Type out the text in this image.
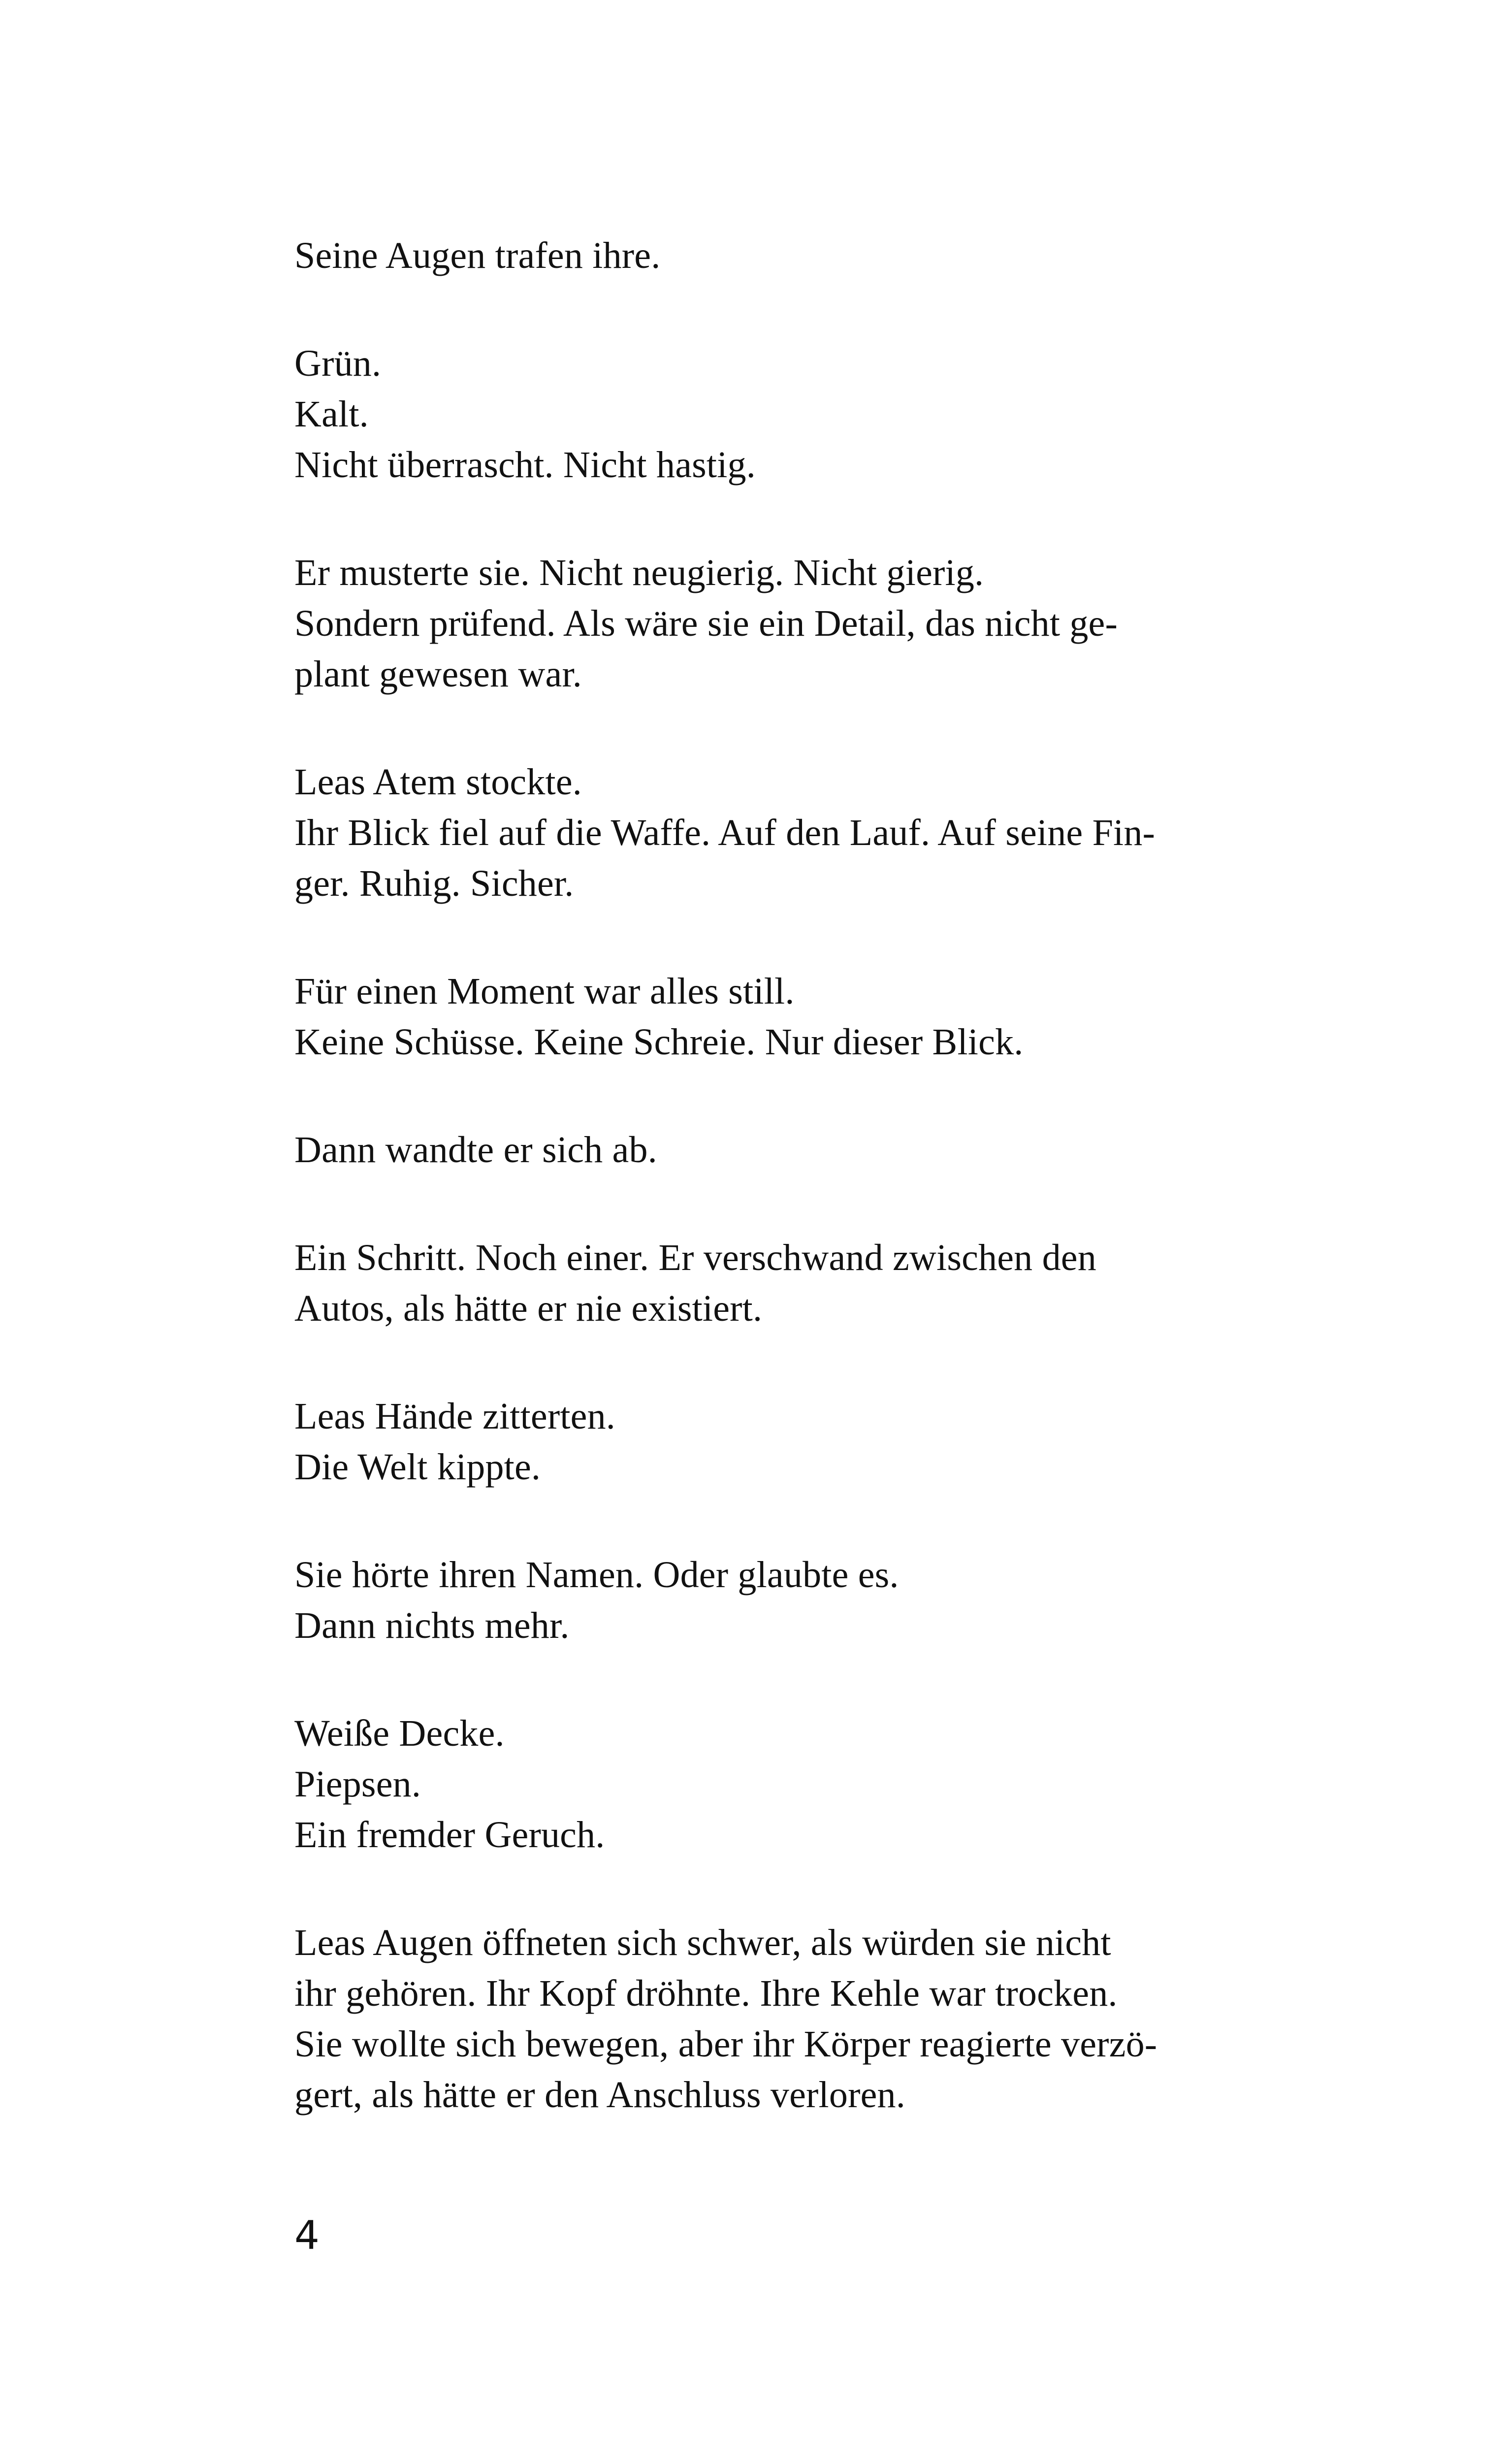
Seine Augen trafen ihre.
Grün.
Kalt.
Nicht überrascht. Nicht hastig.
Er musterte sie. Nicht neugierig. Nicht gierig.
Sondern prüfend. Als wäre sie ein Detail, das nicht ge-
plant gewesen war.
Leas Atem stockte.
Ihr Blick fiel auf die Waffe. Auf den Lauf. Auf seine Fin-
ger. Ruhig. Sicher.
Für einen Moment war alles still.
Keine Schüsse. Keine Schreie. Nur dieser Blick.
Dann wandte er sich ab.
Ein Schritt. Noch einer. Er verschwand zwischen den
Autos, als hätte er nie existiert.
Leas Hände zitterten.
Die Welt kippte.
Sie hörte ihren Namen. Oder glaubte es.
Dann nichts mehr.
Weiße Decke.
Piepsen.
Ein fremder Geruch.
Leas Augen öffneten sich schwer, als würden sie nicht
ihr gehören. Ihr Kopf dröhnte. Ihre Kehle war trocken.
Sie wollte sich bewegen, aber ihr Körper reagierte verzö-
gert, als hätte er den Anschluss verloren.
4
